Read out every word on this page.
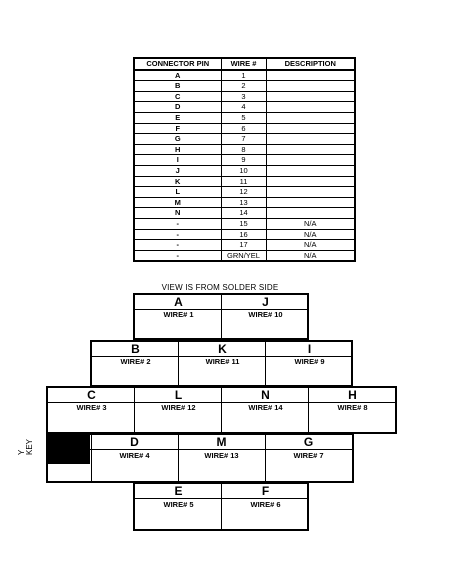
CONNECTOR PIN	WIRE #	DESCRIPTION
A	1	
B	2	
C	3	
D	4	
E	5	
F	6	
G	7	
H	8	
I	9	
J	10	
K	11	
L	12	
M	13	
N	14	
-	15	N/A
-	16	N/A
-	17	N/A
-	GRN/YEL	N/A
VIEW IS FROM SOLDER SIDE
Y KEY
A
WIRE# 1
J
WIRE# 10
B
WIRE# 2
K
WIRE# 11
I
WIRE# 9
C
WIRE# 3
L
WIRE# 12
N
WIRE# 14
H
WIRE# 8
D
WIRE# 4
M
WIRE# 13
G
WIRE# 7
E
WIRE# 5
F
WIRE# 6
